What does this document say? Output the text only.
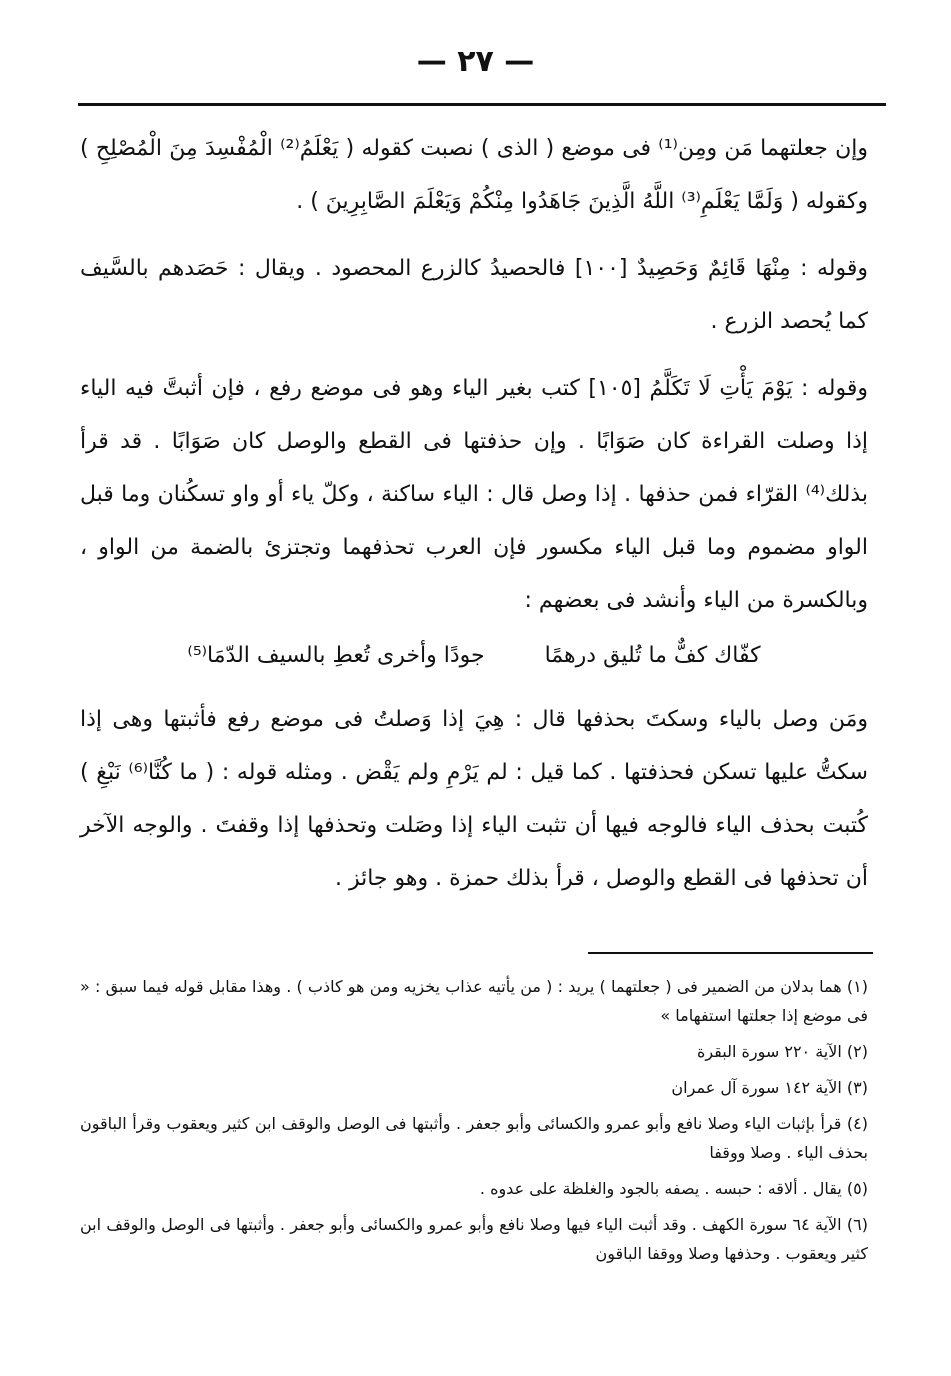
— ٢٧ —

وإن جعلتهما مَن ومِن⁽¹⁾ فى موضع ( الذى ) نصبت كقوله ( يَعْلَمُ⁽²⁾ الْمُفْسِدَ مِنَ الْمُصْلِحِ ) وكقوله ( وَلَمَّا يَعْلَمِ⁽³⁾ اللَّهُ الَّذِينَ جَاهَدُوا مِنْكُمْ وَيَعْلَمَ الصَّابِرِينَ ) .

وقوله : مِنْهَا قَائِمٌ وَحَصِيدٌ [١٠٠] فالحصيدُ كالزرع المحصود . ويقال : حَصَدهم بالسَّيف كما يُحصد الزرع .

وقوله : يَوْمَ يَأْتِ لَا تَكَلَّمُ [١٠٥] كتب بغير الياء وهو فى موضع رفع ، فإن أثبتَّ فيه الياء إذا وصلت القراءة كان صَوَابًا . وإن حذفتها فى القطع والوصل كان صَوَابًا . قد قرأ بذلك⁽⁴⁾ القرّاء فمن حذفها . إذا وصل قال : الياء ساكنة ، وكلّ ياء أو واو تسكُنان وما قبل الواو مضموم وما قبل الياء مكسور فإن العرب تحذفهما وتجتزئ بالضمة من الواو ، وبالكسرة من الياء وأنشد فى بعضهم :

كفّاك كفٌّ ما تُليق درهمًا
جودًا وأخرى تُعطِ بالسيف الدّمَا⁽⁵⁾

ومَن وصل بالياء وسكتَ بحذفها قال : هِيَ إذا وَصلتُ فى موضع رفع فأثبتها وهى إذا سكتُّ عليها تسكن فحذفتها . كما قيل : لم يَرْمِ ولم يَقْض . ومثله قوله : ( ما كُنَّا⁽⁶⁾ نَبْغِ ) كُتبت بحذف الياء فالوجه فيها أن تثبت الياء إذا وصَلت وتحذفها إذا وقفتَ . والوجه الآخر أن تحذفها فى القطع والوصل ، قرأ بذلك حمزة . وهو جائز .

(١) هما بدلان من الضمير فى ( جعلتهما ) يريد : ( من يأتيه عذاب يخزيه ومن هو كاذب ) . وهذا مقابل قوله فيما سبق : « فى موضع إذا جعلتها استفهاما »

(٢) الآية ٢٢٠ سورة البقرة

(٣) الآية ١٤٢ سورة آل عمران

(٤) قرأ بإثبات الياء وصلا نافع وأبو عمرو والكسائى وأبو جعفر . وأثبتها فى الوصل والوقف ابن كثير ويعقوب وقرأ الباقون بحذف الياء . وصلا ووقفا

(٥) يقال . ألاقه : حبسه . يصفه بالجود والغلظة على عدوه .

(٦) الآية ٦٤ سورة الكهف . وقد أثبت الياء فيها وصلا نافع وأبو عمرو والكسائى وأبو جعفر . وأثبتها فى الوصل والوقف ابن كثير ويعقوب . وحذفها وصلا ووقفا الباقون
